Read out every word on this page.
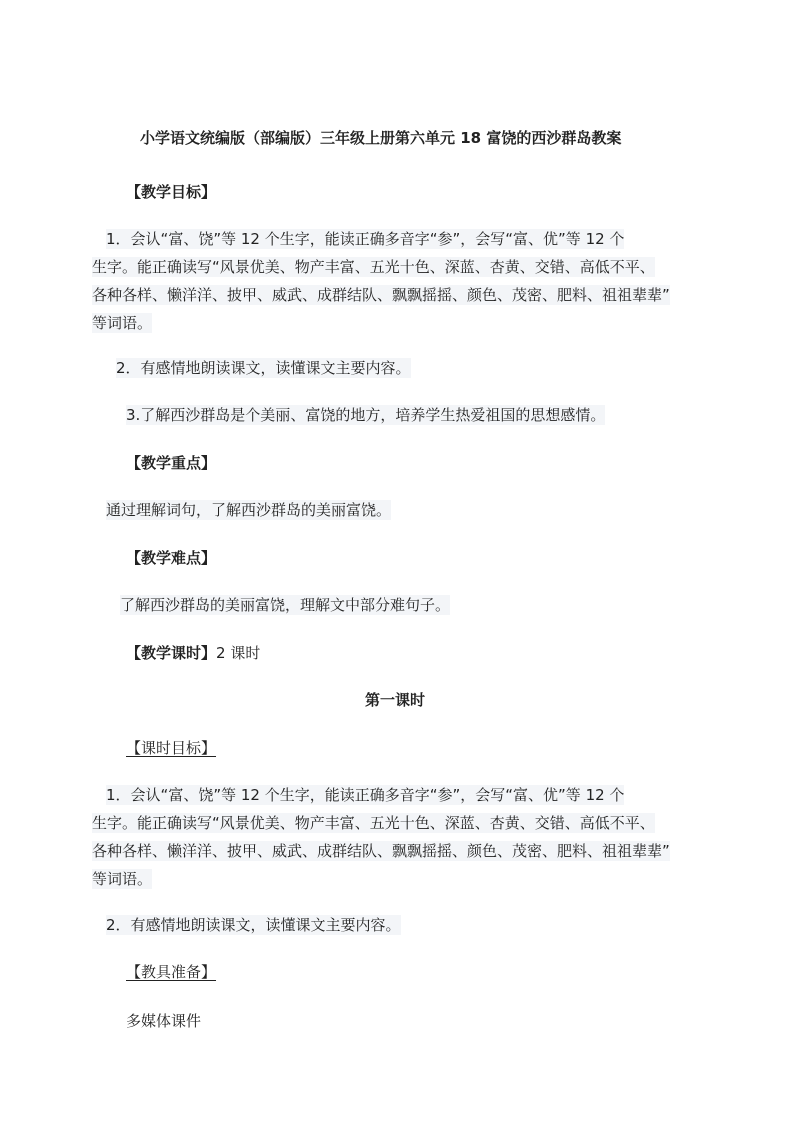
小学语文统编版（部编版）三年级上册第六单元 18 富饶的西沙群岛教案
【教学目标】
1．会认“富、饶”等 12 个生字，能读正确多音字“参”，会写“富、优”等 12 个
生字。能正确读写“风景优美、物产丰富、五光十色、深蓝、杏黄、交错、高低不平、
各种各样、懒洋洋、披甲、威武、成群结队、飘飘摇摇、颜色、茂密、肥料、祖祖辈辈”
等词语。
2．有感情地朗读课文，读懂课文主要内容。
3.了解西沙群岛是个美丽、富饶的地方，培养学生热爱祖国的思想感情。
【教学重点】
通过理解词句，了解西沙群岛的美丽富饶。
【教学难点】
了解西沙群岛的美丽富饶，理解文中部分难句子。
【教学课时】2 课时
第一课时
【课时目标】
1．会认“富、饶”等 12 个生字，能读正确多音字“参”，会写“富、优”等 12 个
生字。能正确读写“风景优美、物产丰富、五光十色、深蓝、杏黄、交错、高低不平、
各种各样、懒洋洋、披甲、威武、成群结队、飘飘摇摇、颜色、茂密、肥料、祖祖辈辈”
等词语。
2．有感情地朗读课文，读懂课文主要内容。
【教具准备】
多媒体课件
